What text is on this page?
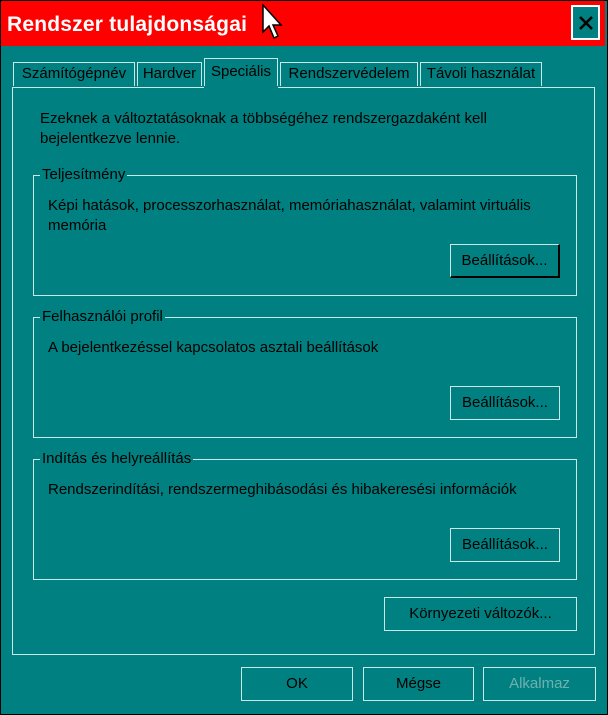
Rendszer tulajdonságai
Számítógépnév	Hardver Speciális	Rendszervédelem	Távoli használat
Ezeknek a változtatásoknak a többségéhez rendszergazdaként kell bejelentkezve lennie.
Teljesítmény
Képi hatások, processzorhasználat, memóriahasználat, valamint virtuális memória
Beállítások...
Felhasználói profil
A bejelentkezéssel kapcsolatos asztali beállítások
Beállítások...
Indítás és helyreállítás
Rendszerindítási, rendszermeghibásodási és hibakeresési információk
Beállítások...
Környezeti változók...
OK	Mégse	Alkalmaz
